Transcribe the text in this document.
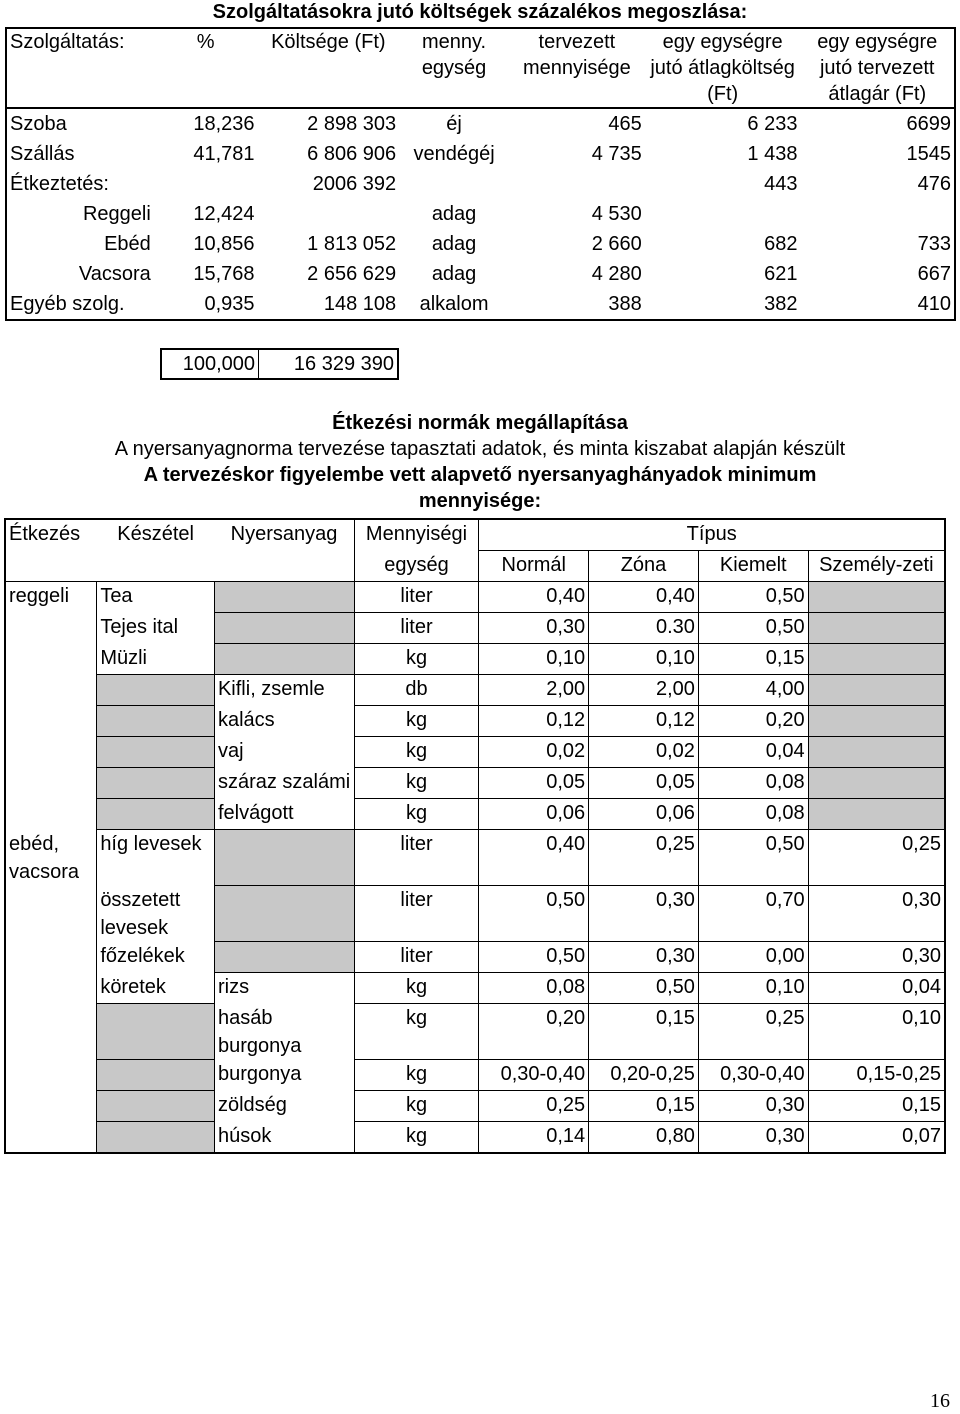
Szolgáltatásokra jutó költségek százalékos megoszlása:
Szolgáltatás:	%	Költsége (Ft)	menny. egység	tervezett mennyisége	egy egységre jutó átlagköltség (Ft)	egy egységre jutó tervezett átlagár (Ft)
Szoba	18,236	2 898 303	éj	465	6 233	6699
Szállás	41,781	6 806 906	vendégéj	4 735	1 438	1545
Étkeztetés:		2006 392			443	476
Reggeli	12,424		adag	4 530		
Ebéd	10,856	1 813 052	adag	2 660	682	733
Vacsora	15,768	2 656 629	adag	4 280	621	667
Egyéb szolg.	0,935	148 108	alkalom	388	382	410
100,000	16 329 390
Étkezési normák megállapítása
A nyersanyagnorma tervezése tapasztati adatok, és minta kiszabat alapján készült
A tervezéskor figyelembe vett alapvető nyersanyaghányadok minimum
mennyisége:
Étkezés	Készétel	Nyersanyag	Mennyiségi	Típus			
			egység	Normál	Zóna	Kiemelt	Személy-zeti
reggeli	Tea		liter	0,40	0,40	0,50	
	Tejes ital		liter	0,30	0.30	0,50	
	Müzli		kg	0,10	0,10	0,15	
		Kifli, zsemle	db	2,00	2,00	4,00	
		kalács	kg	0,12	0,12	0,20	
		vaj	kg	0,02	0,02	0,04	
		száraz szalámi	kg	0,05	0,05	0,08	
		felvágott	kg	0,06	0,06	0,08	
ebéd, vacsora	híg levesek		liter	0,40	0,25	0,50	0,25
	összetett levesek		liter	0,50	0,30	0,70	0,30
	főzelékek		liter	0,50	0,30	0,00	0,30
	köretek	rizs	kg	0,08	0,50	0,10	0,04
		hasáb burgonya	kg	0,20	0,15	0,25	0,10
		burgonya	kg	0,30-0,40	0,20-0,25	0,30-0,40	0,15-0,25
		zöldség	kg	0,25	0,15	0,30	0,15
		húsok	kg	0,14	0,80	0,30	0,07
16
